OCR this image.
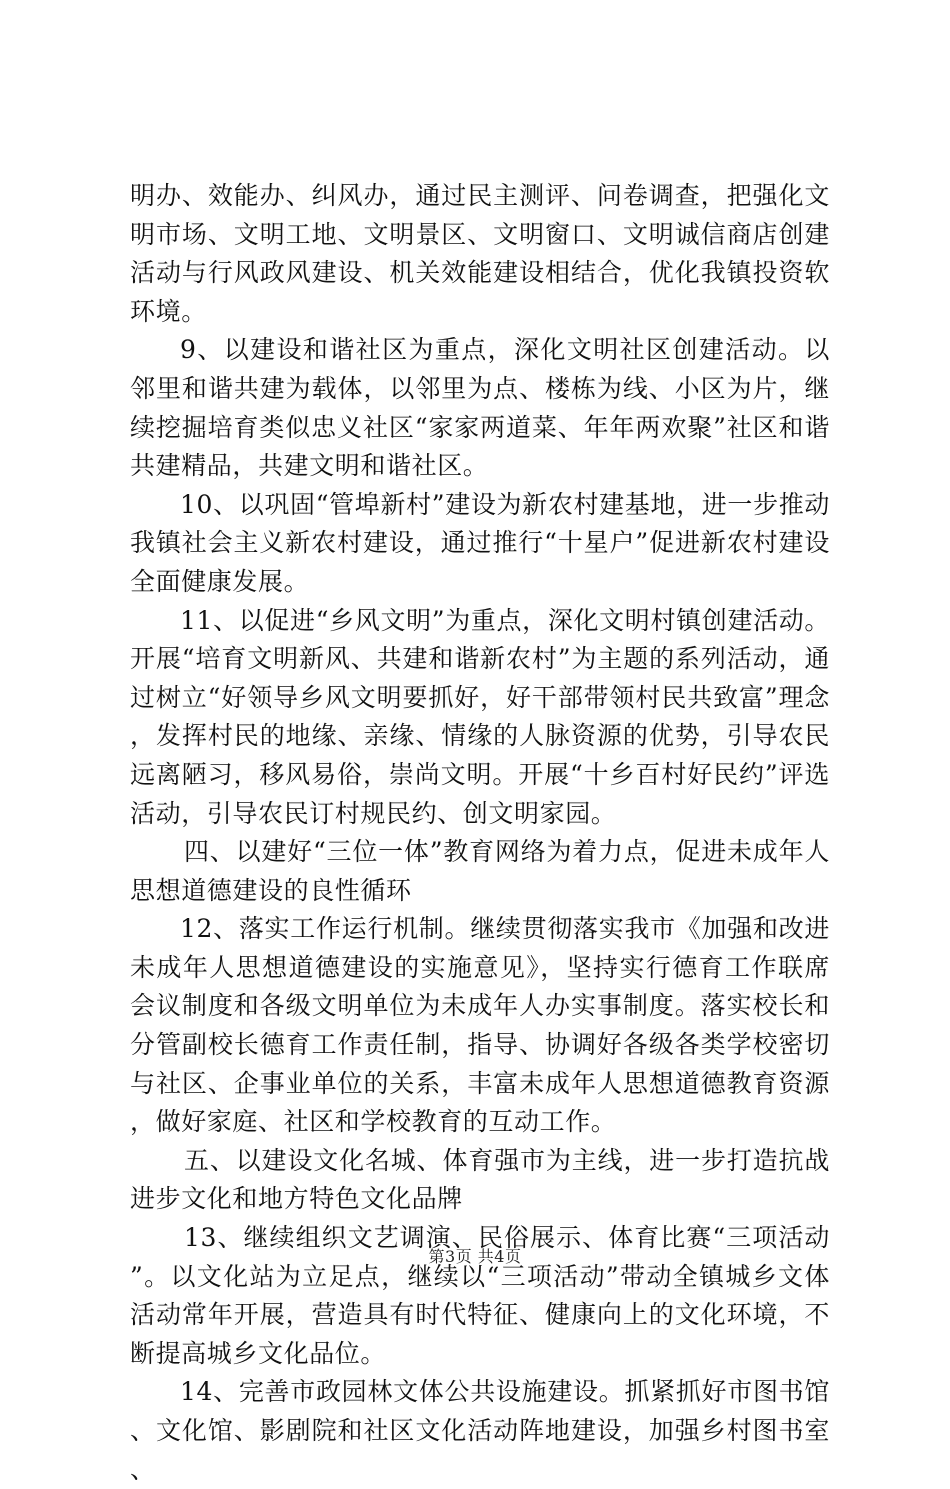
明办、效能办、纠风办，通过民主测评、问卷调查，把强化文明市场、文明工地、文明景区、文明窗口、文明诚信商店创建活动与行风政风建设、机关效能建设相结合，优化我镇投资软环境。

9、以建设和谐社区为重点，深化文明社区创建活动。以邻里和谐共建为载体，以邻里为点、楼栋为线、小区为片，继续挖掘培育类似忠义社区“家家两道菜、年年两欢聚”社区和谐共建精品，共建文明和谐社区。

10、以巩固“管埠新村”建设为新农村建基地，进一步推动我镇社会主义新农村建设，通过推行“十星户”促进新农村建设全面健康发展。

11、以促进“乡风文明”为重点，深化文明村镇创建活动。开展“培育文明新风、共建和谐新农村”为主题的系列活动，通过树立“好领导乡风文明要抓好，好干部带领村民共致富”理念，发挥村民的地缘、亲缘、情缘的人脉资源的优势，引导农民远离陋习，移风易俗，崇尚文明。开展“十乡百村好民约”评选活动，引导农民订村规民约、创文明家园。

四、以建好“三位一体”教育网络为着力点，促进未成年人思想道德建设的良性循环

12、落实工作运行机制。继续贯彻落实我市《加强和改进未成年人思想道德建设的实施意见》，坚持实行德育工作联席会议制度和各级文明单位为未成年人办实事制度。落实校长和分管副校长德育工作责任制，指导、协调好各级各类学校密切与社区、企事业单位的关系，丰富未成年人思想道德教育资源，做好家庭、社区和学校教育的互动工作。

五、以建设文化名城、体育强市为主线，进一步打造抗战进步文化和地方特色文化品牌

13、继续组织文艺调演、民俗展示、体育比赛“三项活动”。以文化站为立足点，继续以“三项活动”带动全镇城乡文体活动常年开展，营造具有时代特征、健康向上的文化环境，不断提高城乡文化品位。

14、完善市政园林文体公共设施建设。抓紧抓好市图书馆、文化馆、影剧院和社区文化活动阵地建设，加强乡村图书室、

第3页 共4页
